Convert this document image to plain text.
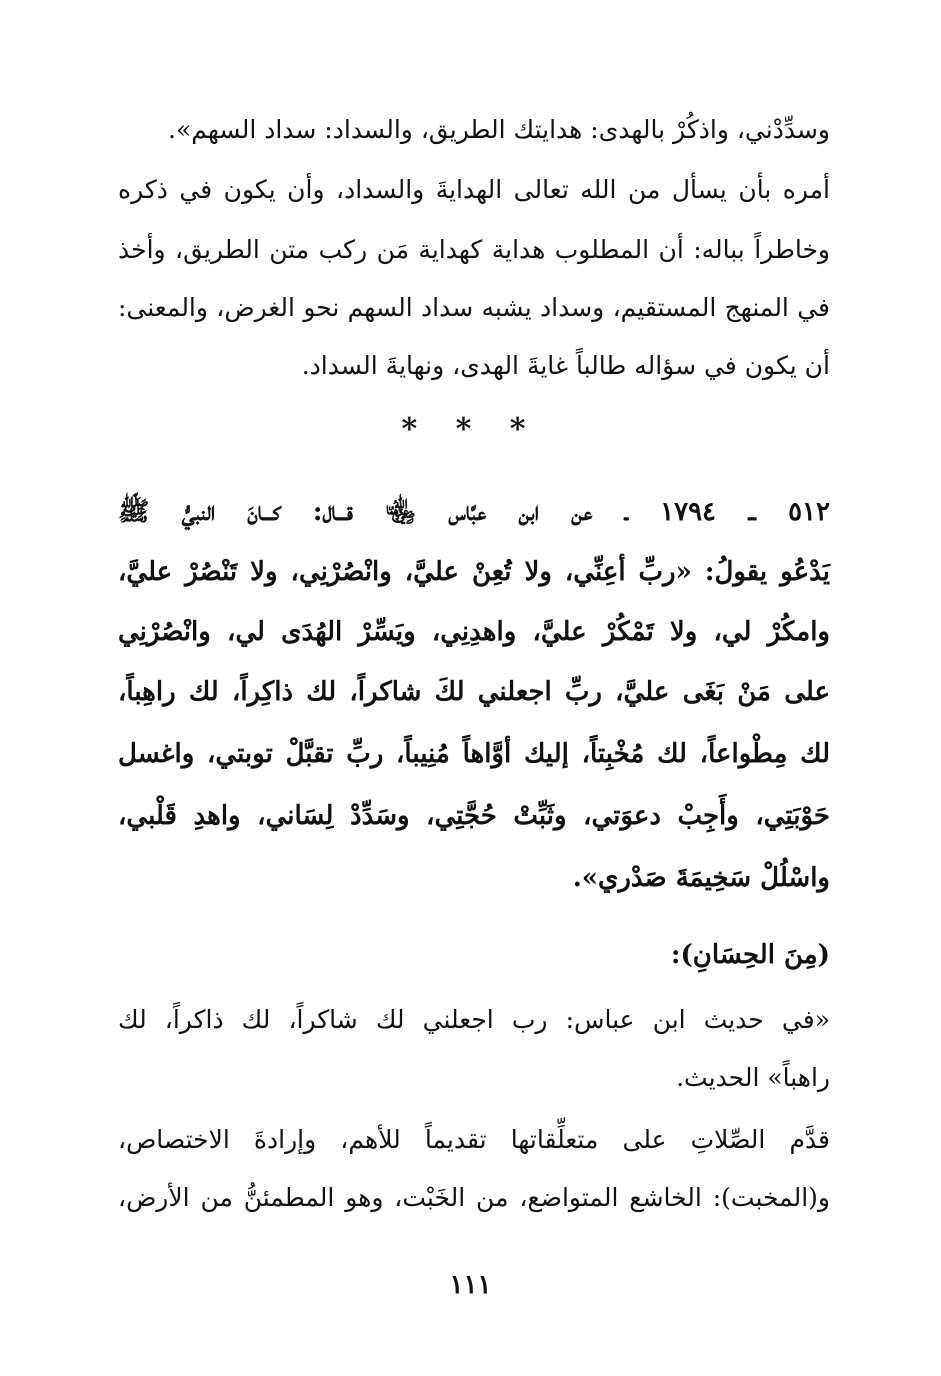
وسدِّدْني، واذكُرْ بالهدى: هدايتك الطريق، والسداد: سداد السهم».
أمره بأن يسأل من الله تعالى الهدايةَ والسداد، وأن يكون في ذكره
وخاطراً بباله: أن المطلوب هداية كهداية مَن ركب متن الطريق، وأخذ
في المنهج المستقيم، وسداد يشبه سداد السهم نحو الغرض، والمعنى:
أن يكون في سؤاله طالباً غايةَ الهدى، ونهايةَ السداد.
* * *
٥١٢ ـ ١٧٩٤ ـ عن ابن عبَّاس ﵄ قـــال: كـــانَ النبيُّ ﷺ
يَدْعُو يقولُ: «ربِّ أعِنِّي، ولا تُعِنْ عليَّ، وانْصُرْنِي، ولا تَنْصُرْ عليَّ،
وامكُرْ لي، ولا تَمْكُرْ عليَّ، واهدِنِي، ويَسِّرْ الهُدَى لي، وانْصُرْنِي
على مَنْ بَغَى عليَّ، ربِّ اجعلني لكَ شاكراً، لك ذاكِراً، لك راهِباً،
لك مِطْواعاً، لك مُخْبِتاً، إليك أوَّاهاً مُنِيباً، ربِّ تقبَّلْ توبتي، واغسل
حَوْبَتِي، وأَجِبْ دعوَتي، وثَبِّتْ حُجَّتِي، وسَدِّدْ لِسَاني، واهدِ قَلْبي،
واسْلُلْ سَخِيمَةَ صَدْري».
(مِنَ الحِسَانِ):
«في حديث ابن عباس: رب اجعلني لك شاكراً، لك ذاكراً، لك
راهباً» الحديث.
قدَّم الصِّلاتِ على متعلِّقاتها تقديماً للأهم، وإرادةَ الاختصاص،
و(المخبت): الخاشع المتواضع، من الخَبْت، وهو المطمئنُّ من الأرض،
١١١
